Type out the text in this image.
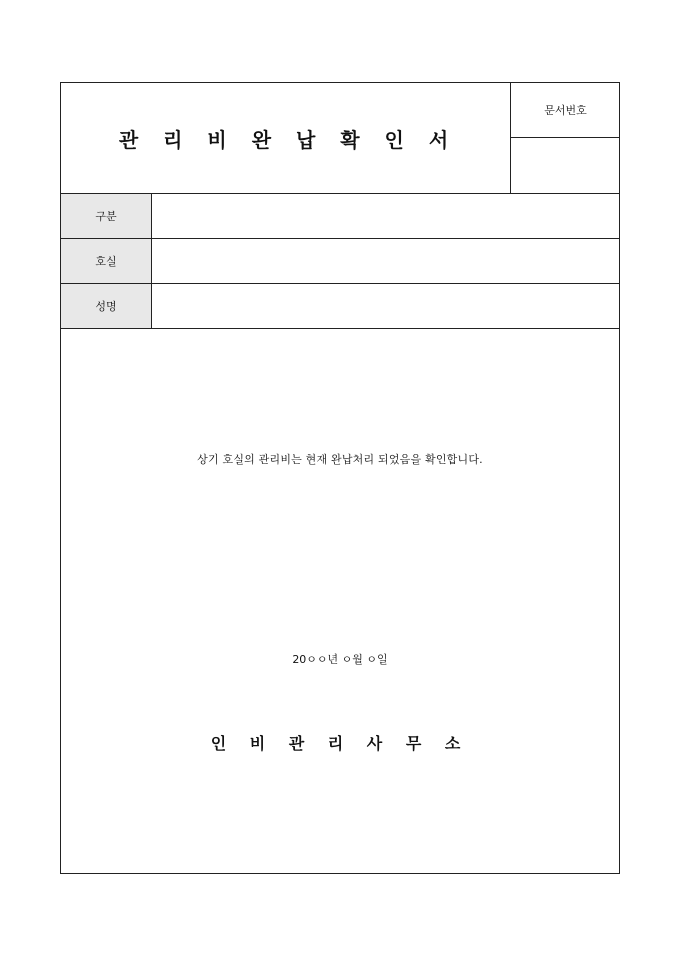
관 리 비 완 납 확 인 서
문서번호
구분
호실
성명
상기 호실의 관리비는 현재 완납처리 되었음을 확인합니다.
20ㅇㅇ년 ㅇ월 ㅇ일
인 비 관 리 사 무 소
